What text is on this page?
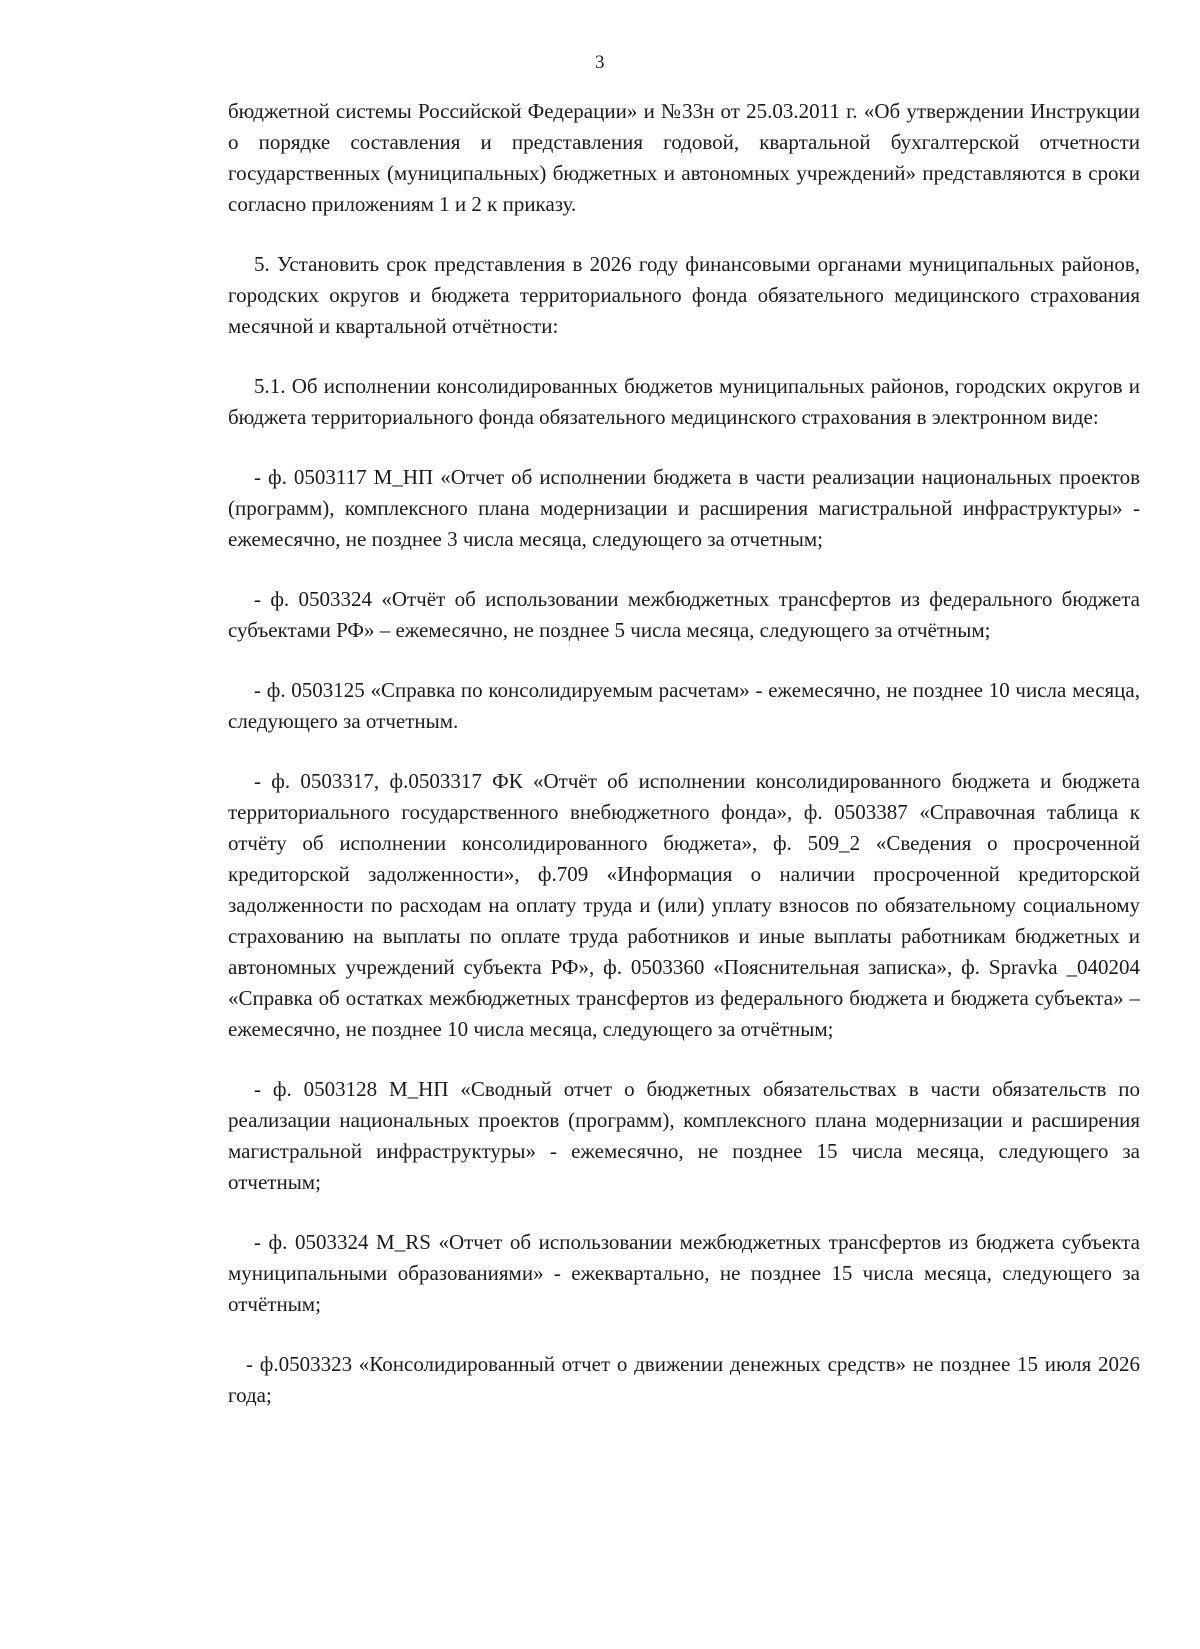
3

бюджетной системы Российской Федерации» и №33н от 25.03.2011 г. «Об утверждении Инструкции о порядке составления и представления годовой, квартальной бухгалтерской отчетности государственных (муниципальных) бюджетных и автономных учреждений» представляются в сроки согласно приложениям 1 и 2 к приказу.

5. Установить срок представления в 2026 году финансовыми органами муниципальных районов, городских округов и бюджета территориального фонда обязательного медицинского страхования месячной и квартальной отчётности:

5.1. Об исполнении консолидированных бюджетов муниципальных районов, городских округов и бюджета территориального фонда обязательного медицинского страхования в электронном виде:

- ф. 0503117 М_НП «Отчет об исполнении бюджета в части реализации национальных проектов (программ), комплексного плана модернизации и расширения магистральной инфраструктуры» - ежемесячно, не позднее 3 числа месяца, следующего за отчетным;

- ф. 0503324 «Отчёт об использовании межбюджетных трансфертов из федерального бюджета субъектами РФ» – ежемесячно, не позднее 5 числа месяца, следующего за отчётным;

- ф. 0503125 «Справка по консолидируемым расчетам» - ежемесячно, не позднее 10 числа месяца, следующего за отчетным.

- ф. 0503317, ф.0503317 ФК «Отчёт об исполнении консолидированного бюджета и бюджета территориального государственного внебюджетного фонда», ф. 0503387 «Справочная таблица к отчёту об исполнении консолидированного бюджета», ф. 509_2 «Сведения о просроченной кредиторской задолженности», ф.709 «Информация о наличии просроченной кредиторской задолженности по расходам на оплату труда и (или) уплату взносов по обязательному социальному страхованию на выплаты по оплате труда работников и иные выплаты работникам бюджетных и автономных учреждений субъекта РФ», ф. 0503360 «Пояснительная записка», ф. Spravka _040204 «Справка об остатках межбюджетных трансфертов из федерального бюджета и бюджета субъекта» – ежемесячно, не позднее 10 числа месяца, следующего за отчётным;

- ф. 0503128 М_НП «Сводный отчет о бюджетных обязательствах в части обязательств по реализации национальных проектов (программ), комплексного плана модернизации и расширения магистральной инфраструктуры» - ежемесячно, не позднее 15 числа месяца, следующего за отчетным;

- ф. 0503324 М_RS «Отчет об использовании межбюджетных трансфертов из бюджета субъекта муниципальными образованиями» - ежеквартально, не позднее 15 числа месяца, следующего за отчётным;

- ф.0503323 «Консолидированный отчет о движении денежных средств» не позднее 15 июля 2026 года;
